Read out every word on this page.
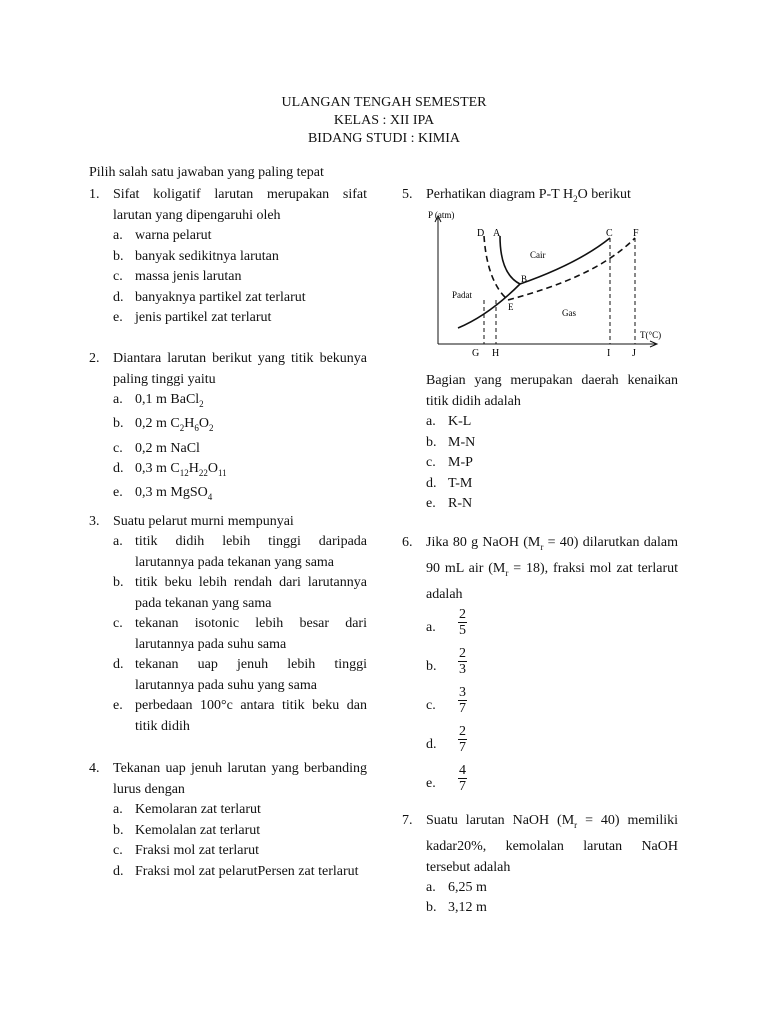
ULANGAN TENGAH SEMESTER
KELAS : XII IPA
BIDANG STUDI : KIMIA
Pilih salah satu jawaban yang paling tepat
1. Sifat koligatif larutan merupakan sifat larutan yang dipengaruhi oleh
a. warna pelarut
b. banyak sedikitnya larutan
c. massa jenis larutan
d. banyaknya partikel zat terlarut
e. jenis partikel zat terlarut
2. Diantara larutan berikut yang titik bekunya paling tinggi yaitu
a. 0,1 m BaCl$_2$
b. 0,2 m $C_2H_6O_2$
c. 0,2 m NaCl
d. 0,3 m $C_{12}H_{22}O_{11}$
e. 0,3 m MgSO$_4$
3. Suatu pelarut murni mempunyai
a. titik didih lebih tinggi daripada larutannya pada tekanan yang sama
b. titik beku lebih rendah dari larutannya pada tekanan yang sama
c. tekanan isotonic lebih besar dari larutannya pada suhu sama
d. tekanan uap jenuh lebih tinggi larutannya pada suhu yang sama
e. perbedaan 100°c antara titik beku dan titik didih
4. Tekanan uap jenuh larutan yang berbanding lurus dengan
a. Kemolaran zat terlarut
b. Kemolalan zat terlarut
c. Fraksi mol zat terlarut
d. Fraksi mol zat pelarutPersen zat terlarut
5. Perhatikan diagram P-T $H_2O$ berikut
P (atm)
T(°C)
D A	C F
B
E
G H	I J
Cair
Padat
Gas
Bagian yang merupakan daerah kenaikan titik didih adalah
a. K-L
b. M-N
c. M-P
d. T-M
e. R-N
6. Jika 80 g NaOH $(M_r = 40)$ dilarutkan dalam 90 mL air $(M_r = 18)$, fraksi mol zat terlarut adalah
a. $\frac{2}{5}$
b. $\frac{2}{3}$
c. $\frac{3}{7}$
d. $\frac{2}{7}$
e. $\frac{4}{7}$
7. Suatu larutan NaOH $(M_r = 40)$ memiliki kadar20%, kemolalan larutan NaOH tersebut adalah
a. 6,25 m
b. 3,12 m
